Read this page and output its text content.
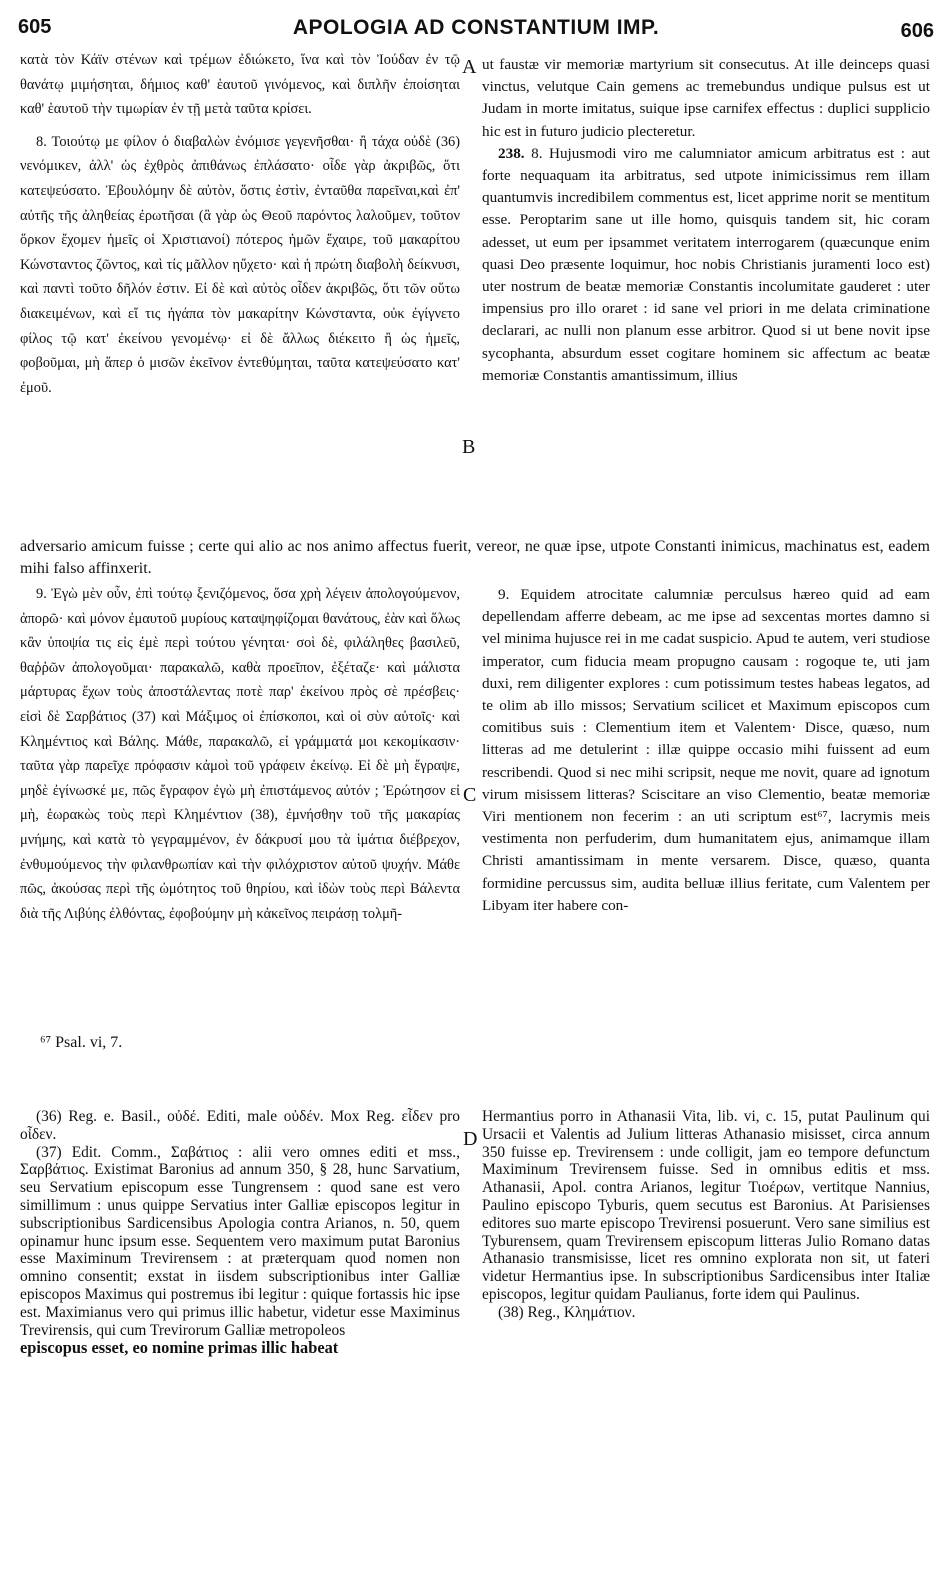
605	APOLOGIA AD CONSTANTIUM IMP.	606

κατὰ τὸν Κάϊν στένων καὶ τρέμων ἐδιώκετο, ἵνα καὶ τὸν Ἰούδαν ἐν τῷ θανάτῳ μιμήσηται, δήμιος καθ' ἑαυτοῦ γινόμενος, καὶ διπλῆν ἐποίσηται καθ' ἑαυτοῦ τὴν τιμωρίαν ἐν τῇ μετὰ ταῦτα κρίσει.

8. Τοιούτῳ με φίλον ὁ διαβαλὼν ἐνόμισε γεγενῆσθαι· ἢ τάχα οὐδὲ (36) νενόμικεν, ἀλλ' ὡς ἐχθρὸς ἀπιθάνως ἐπλάσατο· οἶδε γὰρ ἀκριβῶς, ὅτι κατεψεύσατο. Ἐβουλόμην δὲ αὐτὸν, ὅστις ἐστὶν, ἐνταῦθα παρεῖναι,καὶ ἐπ' αὐτῆς τῆς ἀληθείας ἐρωτῆσαι (ἃ γὰρ ὡς Θεοῦ παρόντος λαλοῦμεν, τοῦτον ὅρκον ἔχομεν ἡμεῖς οἱ Χριστιανοί) πότερος ἡμῶν ἔχαιρε, τοῦ μακαρίτου Κώνσταντος ζῶντος, καὶ τίς μᾶλλον ηὔχετο· καὶ ἡ πρώτη διαβολὴ δείκνυσι, καὶ παντὶ τοῦτο δῆλόν ἐστιν. Εἰ δὲ καὶ αὐτὸς οἶδεν ἀκριβῶς, ὅτι τῶν οὕτω διακειμένων, καὶ εἴ τις ἠγάπα τὸν μακαρίτην Κώνσταντα, οὐκ ἐγίγνετο φίλος τῷ κατ' ἐκείνου γενομένῳ· εἰ δὲ ἄλλως διέκειτο ἢ ὡς ἡμεῖς, φοβοῦμαι, μὴ ἅπερ ὁ μισῶν ἐκεῖνον ἐντεθύμηται, ταῦτα κατεψεύσατο κατ' ἐμοῦ.

ut faustæ vir memoriæ martyrium sit consecutus. At ille deinceps quasi vinctus, velutque Cain gemens ac tremebundus undique pulsus est ut Judam in morte imitatus, suique ipse carnifex effectus : duplici supplicio hic est in futuro judicio plecteretur.

238. 8. Hujusmodi viro me calumniator amicum arbitratus est : aut forte nequaquam ita arbitratus, sed utpote inimicissimus rem illam quantumvis incredibilem commentus est, licet apprime norit se mentitum esse. Peroptarim sane ut ille homo, quisquis tandem sit, hic coram adesset, ut eum per ipsammet veritatem interrogarem (quæcunque enim quasi Deo præsente loquimur, hoc nobis Christianis juramenti loco est) uter nostrum de beatæ memoriæ Constantis incolumitate gauderet : uter impensius pro illo oraret : id sane vel priori in me delata criminatione declarari, ac nulli non planum esse arbitror. Quod si ut bene novit ipse sycophanta, absurdum esset cogitare hominem sic affectum ac beatæ memoriæ Constantis amantissimum, illius

adversario amicum fuisse ; certe qui alio ac nos animo affectus fuerit, vereor, ne quæ ipse, utpote Constanti inimicus, machinatus est, eadem mihi falso affinxerit.

9. Ἐγὼ μὲν οὖν, ἐπὶ τούτῳ ξενιζόμενος, ὅσα χρὴ λέγειν ἀπολογούμενον, ἀπορῶ· καὶ μόνον ἐμαυτοῦ μυρίους καταψηφίζομαι θανάτους, ἐὰν καὶ ὅλως κἂν ὑποψία τις εἰς ἐμὲ περὶ τούτου γένηται· σοὶ δὲ, φιλάληθες βασιλεῦ, θαῤῥῶν ἀπολογοῦμαι· παρακαλῶ, καθὰ προεῖπον, ἐξέταζε· καὶ μάλιστα μάρτυρας ἔχων τοὺς ἀποστάλεντας ποτὲ παρ' ἐκείνου πρὸς σὲ πρέσβεις· εἰσὶ δὲ Σαρβάτιος (37) καὶ Μάξιμος οἱ ἐπίσκοποι, καὶ οἱ σὺν αὐτοῖς· καὶ Κλημέντιος καὶ Βάλης. Μάθε, παρακαλῶ, εἰ γράμματά μοι κεκομίκασιν· ταῦτα γὰρ παρεῖχε πρόφασιν κἀμοὶ τοῦ γράφειν ἐκείνῳ. Εἰ δὲ μὴ ἔγραψε, μηδὲ ἐγίνωσκέ με, πῶς ἔγραφον ἐγὼ μὴ ἐπιστάμενος αὐτόν ; Ἐρώτησον εἰ μὴ, ἑωρακὼς τοὺς περὶ Κλημέντιον (38), ἐμνήσθην τοῦ τῆς μακαρίας μνήμης, καὶ κατὰ τὸ γεγραμμένον, ἐν δάκρυσί μου τὰ ἱμάτια διέβρεχον, ἐνθυμούμενος τὴν φιλανθρωπίαν καὶ τὴν φιλόχριστον αὐτοῦ ψυχήν. Μάθε πῶς, ἀκούσας περὶ τῆς ὠμότητος τοῦ θηρίου, καὶ ἰδὼν τοὺς περὶ Βάλεντα διὰ τῆς Λιβύης ἐλθόντας, ἐφοβούμην μὴ κἀκεῖνος πειράσῃ τολμῆ-

9. Equidem atrocitate calumniæ perculsus hæreo quid ad eam depellendam afferre debeam, ac me ipse ad sexcentas mortes damno si vel minima hujusce rei in me cadat suspicio. Apud te autem, veri studiose imperator, cum fiducia meam propugno causam : rogoque te, uti jam duxi, rem diligenter explores : cum potissimum testes habeas legatos, ad te olim ab illo missos; Servatium scilicet et Maximum episcopos cum comitibus suis : Clementium item et Valentem· Disce, quæso, num litteras ad me detulerint : illæ quippe occasio mihi fuissent ad eum rescribendi. Quod si nec mihi scripsit, neque me novit, quare ad ignotum virum misissem litteras? Sciscitare an viso Clementio, beatæ memoriæ Viri mentionem non fecerim : an uti scriptum est⁶⁷, lacrymis meis vestimenta non perfuderim, dum humanitatem ejus, animamque illam Christi amantissimam in mente versarem. Disce, quæso, quanta formidine percussus sim, audita belluæ illius feritate, cum Valentem per Libyam iter habere con-

A
B
C
D
⁶⁷ Psal. vi, 7.

(36) Reg. e. Basil., οὐδέ. Editi, male οὐδέν. Mox Reg. εἶδεν pro οἶδεν.

(37) Edit. Comm., Σαβάτιος : alii vero omnes editi et mss., Σαρβάτιος. Existimat Baronius ad annum 350, § 28, hunc Sarvatium, seu Servatium episcopum esse Tungrensem : quod sane est vero simillimum : unus quippe Servatius inter Galliæ episcopos legitur in subscriptionibus Sardicensibus Apologia contra Arianos, n. 50, quem opinamur hunc ipsum esse. Sequentem vero maximum putat Baronius esse Maximinum Trevirensem : at præterquam quod nomen non omnino consentit; exstat in iisdem subscriptionibus inter Galliæ episcopos Maximus qui postremus ibi legitur : quique fortassis hic ipse est. Maximianus vero qui primus illic habetur, videtur esse Maximinus Trevirensis, qui cum Trevirorum Galliæ metropoleos

episcopus esset, eo nomine primas illic habeat

Hermantius porro in Athanasii Vita, lib. vi, c. 15, putat Paulinum qui Ursacii et Valentis ad Julium litteras Athanasio misisset, circa annum 350 fuisse ep. Trevirensem : unde colligit, jam eo tempore defunctum Maximinum Trevirensem fuisse. Sed in omnibus editis et mss. Athanasii, Apol. contra Arianos, legitur Τιοέρων, vertitque Nannius, Paulino episcopo Tyburis, quem secutus est Baronius. At Parisienses editores suo marte episcopo Trevirensi posuerunt. Vero sane similius est Tyburensem, quam Trevirensem episcopum litteras Julio Romano datas Athanasio transmisisse, licet res omnino explorata non sit, ut fateri videtur Hermantius ipse. In subscriptionibus Sardicensibus inter Italiæ episcopos, legitur quidam Paulianus, forte idem qui Paulinus.

(38) Reg., Κλημάτιον.
